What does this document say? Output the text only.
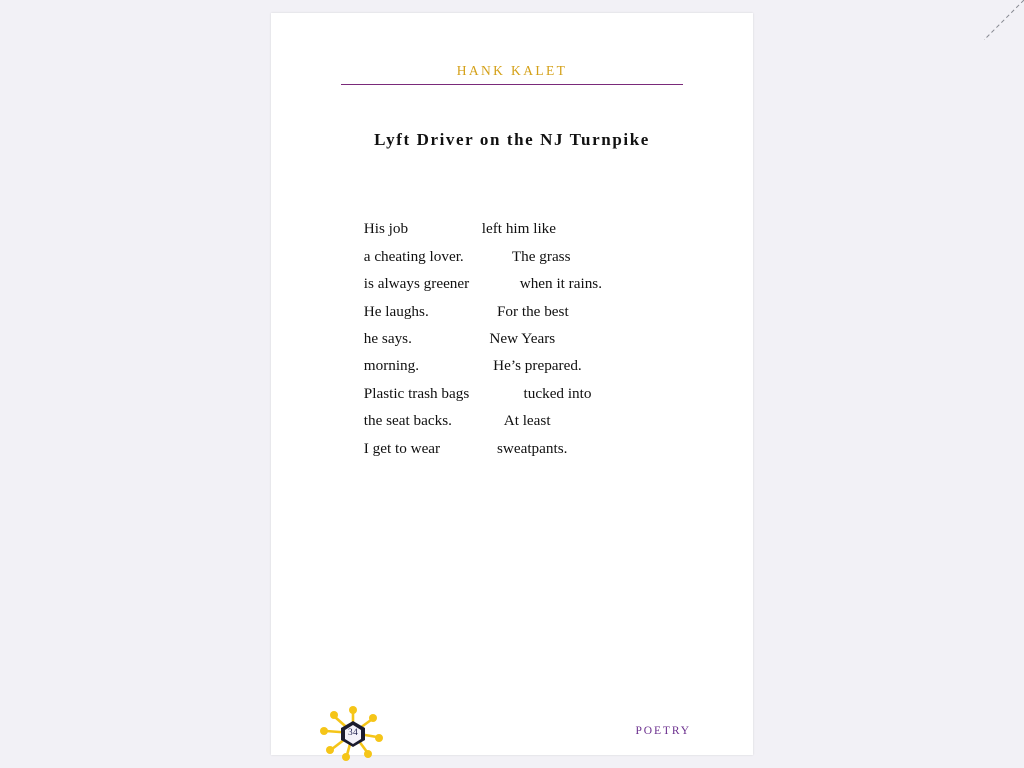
HANK KALET
Lyft Driver on the NJ Turnpike

His job	left him like

a cheating lover.        The grass

is always greener          when it rains.

He laughs.	For the best

he says.	New Years

morning.	He’s prepared.

Plastic trash bags           tucked into

the seat backs.      At least

I get to wear	sweatpants.

34	POETRY
